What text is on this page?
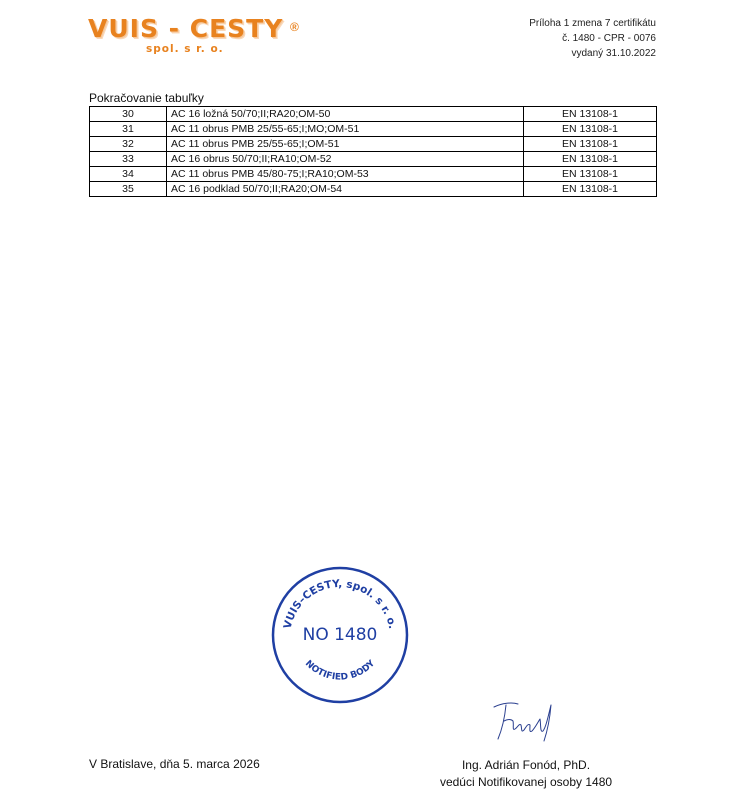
VUIS - CESTY ®
spol. s r. o.
Príloha 1 zmena 7 certifikátu
č. 1480 - CPR - 0076
vydaný 31.10.2022
Pokračovanie tabuľky
30	AC 16 ložná 50/70;II;RA20;OM-50	EN 13108-1
31	AC 11 obrus PMB 25/55-65;I;MO;OM-51	EN 13108-1
32	AC 11 obrus PMB 25/55-65;I;OM-51	EN 13108-1
33	AC 16 obrus 50/70;II;RA10;OM-52	EN 13108-1
34	AC 11 obrus PMB 45/80-75;I;RA10;OM-53	EN 13108-1
35	AC 16 podklad 50/70;II;RA20;OM-54	EN 13108-1
VUIS–CESTY, spol. s r. o.
NO 1480
NOTIFIED BODY
V Bratislave, dňa 5. marca 2026	Ing. Adrián Fonód, PhD.
vedúci Notifikovanej osoby 1480
